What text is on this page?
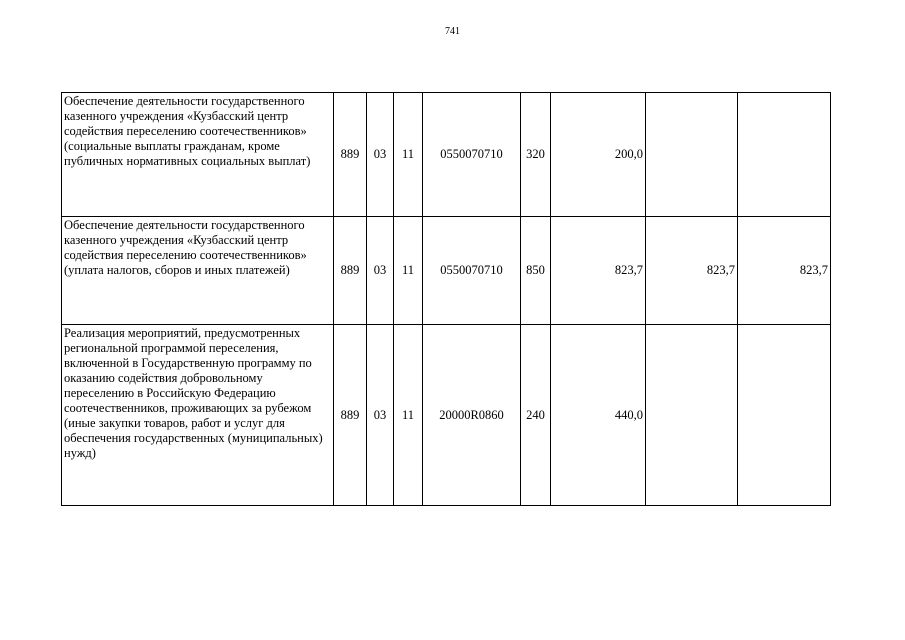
741
Обеспечение деятельности государственного казенного учреждения «Кузбасский центр содействия переселению соотечественников» (социальные выплаты гражданам, кроме публичных нормативных социальных выплат)	889	03	11	0550070710	320	200,0		
Обеспечение деятельности государственного казенного учреждения «Кузбасский центр содействия переселению соотечественников» (уплата налогов, сборов и иных платежей)	889	03	11	0550070710	850	823,7	823,7	823,7
Реализация мероприятий, предусмотренных региональной программой переселения, включенной в Государственную программу по оказанию содействия добровольному переселению в Российскую Федерацию соотечественников, проживающих за рубежом (иные закупки товаров, работ и услуг для обеспечения государственных (муниципальных) нужд)	889	03	11	20000R0860	240	440,0		
